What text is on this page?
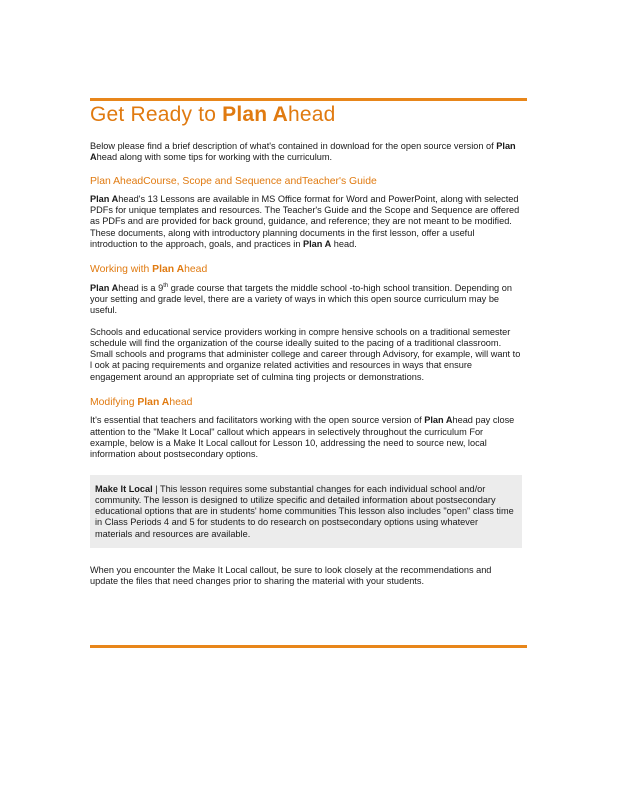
Get Ready to Plan Ahead

Below please find a brief description of what's contained in download for the open source version of Plan Ahead along with some tips for working with the curriculum.

Plan AheadCourse, Scope and Sequence andTeacher's Guide

Plan Ahead's 13 Lessons are available in MS Office format for Word and PowerPoint, along with selected PDFs for unique templates and resources. The Teacher's Guide and the Scope and Sequence are offered as PDFs and are provided for back ground, guidance, and reference; they are not meant to be modified. These documents, along with introductory planning documents in the first lesson, offer a useful introduction to the approach, goals, and practices in Plan A head.

Working with Plan Ahead

Plan Ahead is a 9th grade course that targets the middle school -to-high school transition. Depending on your setting and grade level, there are a variety of ways in which this open source curriculum may be useful.

Schools and educational service providers working in compre hensive schools on a traditional semester schedule will find the organization of the course ideally suited to the pacing of a traditional classroom. Small schools and programs that administer college and career through Advisory, for example, will want to l ook at pacing requirements and organize related activities and resources in ways that ensure engagement around an appropriate set of culmina ting projects or demonstrations.

Modifying Plan Ahead

It's essential that teachers and facilitators working with the open source version of Plan Ahead pay close attention to the "Make It Local" callout which appears in selectively throughout the curriculum For example, below is a Make It Local callout for Lesson 10, addressing the need to source new, local information about postsecondary options.

Make It Local | This lesson requires some substantial changes for each individual school and/or community. The lesson is designed to utilize specific and detailed information about postsecondary educational options that are in students' home communities This lesson also includes "open" class time in Class Periods 4 and 5 for students to do research on postsecondary options using whatever materials and resources are available.

When you encounter the Make It Local callout, be sure to look closely at the recommendations and update the files that need changes prior to sharing the material with your students.
